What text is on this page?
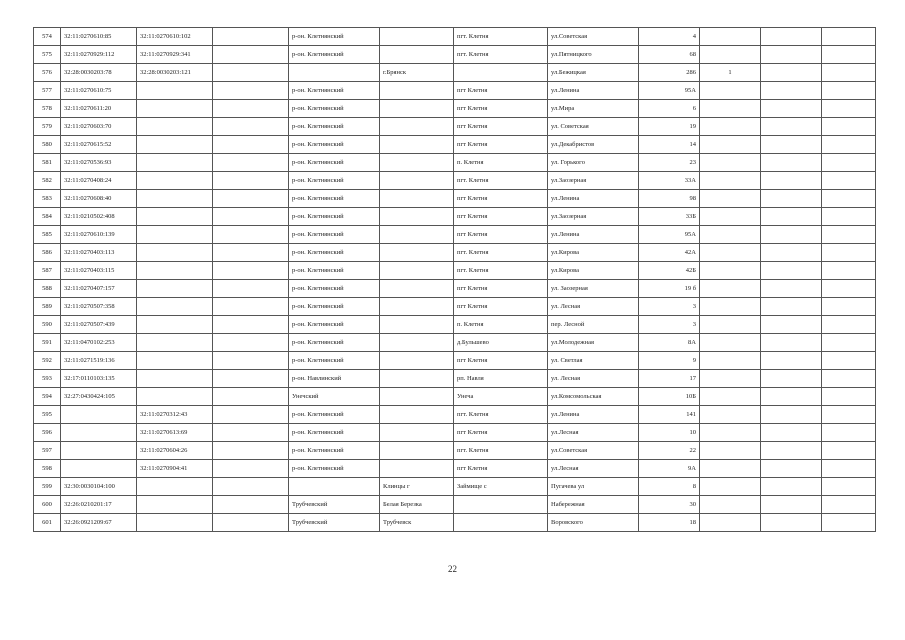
574	32:11:0270610:85	32:11:0270610:102		р-он. Клетнянский		пгт. Клетня	ул.Советская	4			
575	32:11:0270929:112	32:11:0270929:341		р-он. Клетнянский		пгт. Клетня	ул.Пятницкого	68			
576	32:28:0030203:78	32:28:0030203:121			г.Брянск		ул.Бежицкая	286	1		
577	32:11:0270610:75			р-он. Клетнянский		пгт Клетня	ул.Ленина	95А			
578	32:11:0270611:20			р-он. Клетнянский		пгт Клетня	ул.Мира	6			
579	32:11:0270603:70			р-он. Клетнянский		пгт Клетня	ул. Советская	19			
580	32:11:0270615:52			р-он. Клетнянский		пгт Клетня	ул.Декабристов	14			
581	32:11:0270536:93			р-он. Клетнянский		п. Клетня	ул. Горького	23			
582	32:11:0270408:24			р-он. Клетнянский		пгт. Клетня	ул.Заозерная	33А			
583	32:11:0270608:40			р-он. Клетнянский		пгт Клетня	ул.Ленина	98			
584	32:11:0210502:408			р-он. Клетнянский		пгт Клетня	ул.Заозерная	33Б			
585	32:11:0270610:139			р-он. Клетнянский		пгт Клетня	ул.Ленина	95А			
586	32:11:0270403:113			р-он. Клетнянский		пгт. Клетня	ул.Кирова	42А			
587	32:11:0270403:115			р-он. Клетнянский		пгт. Клетня	ул.Кирова	42Б			
588	32:11:0270407:157			р-он. Клетнянский		пгт Клетня	ул. Заозерная	19 б			
589	32:11:0270507:358			р-он. Клетнянский		пгт Клетня	ул. Лесная	3			
590	32:11:0270507:439			р-он. Клетнянский		п. Клетня	пер. Лесной	3			
591	32:11:0470102:253			р-он. Клетнянский		д.Бульшево	ул.Молодежная	8А			
592	32:11:0271519:136			р-он. Клетнянский		пгт Клетня	ул. Светлая	9			
593	32:17:0110103:135			р-он. Навлинский		рп. Навля	ул. Лесная	17			
594	32:27:0430424:105			Унечский		Унеча	ул.Комсомольская	10Б			
595		32:11:0270312:43		р-он. Клетнянский		пгт. Клетня	ул.Ленина	141			
596		32:11:0270613:69		р-он. Клетнянский		пгт Клетня	ул.Лесная	10			
597		32:11:0270604:26		р-он. Клетнянский		пгт. Клетня	ул.Советская	22			
598		32:11:0270904:41		р-он. Клетнянский		пгт Клетня	ул.Лесная	9А			
599	32:30:0030104:100				Клинцы г	Займище с	Пугачева ул	8			
600	32:26:0210201:17			Трубчевский	Белая Березка		Набережная	30			
601	32:26:0921209:67			Трубчевский	Трубчевск		Воровского	18			
22
